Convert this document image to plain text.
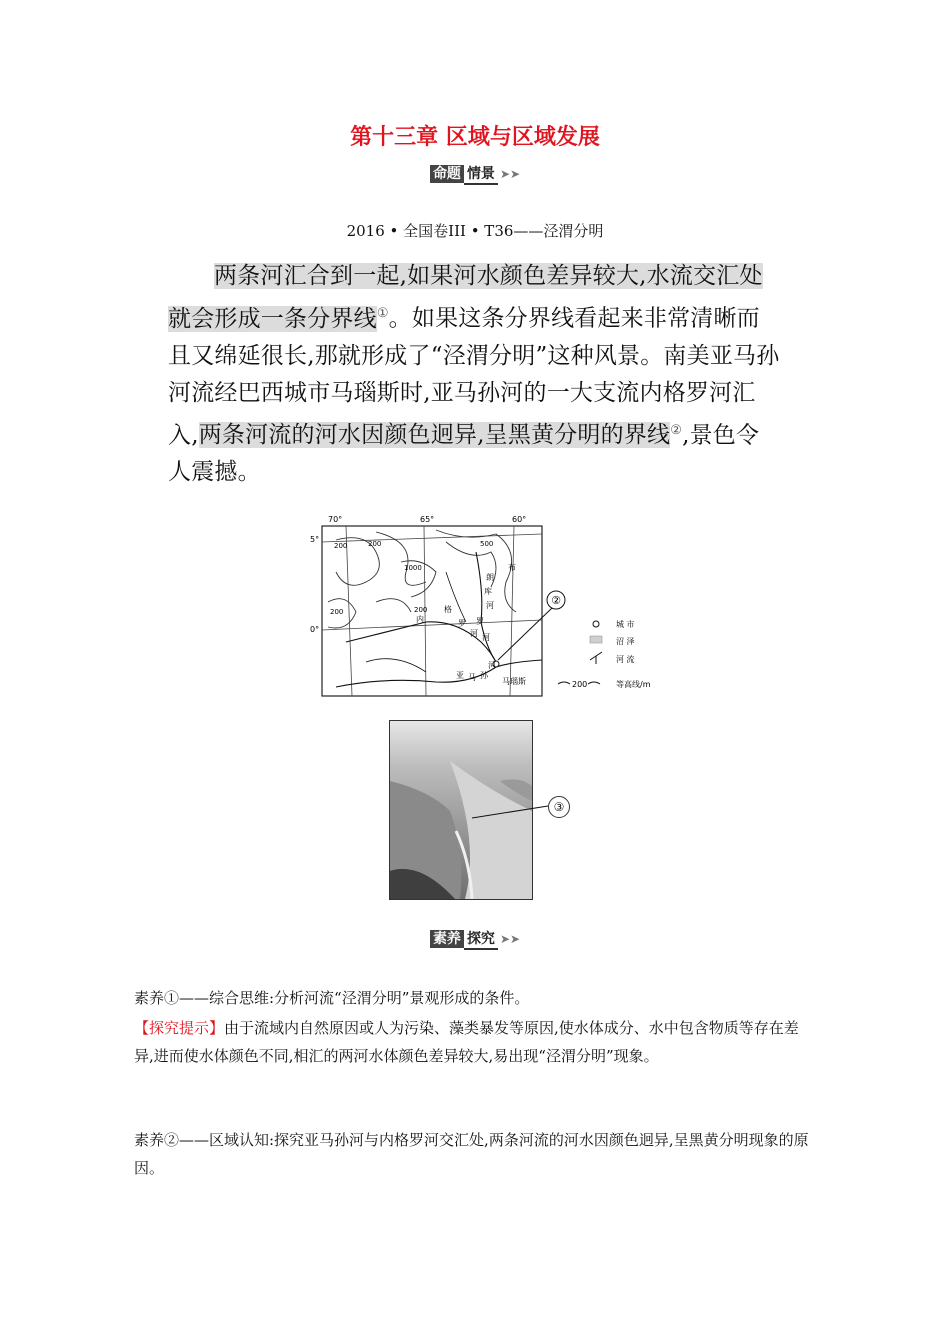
第十三章 区域与区域发展
命题 情景 ➤➤
2016 • 全国卷III • T36——泾渭分明
两条河汇合到一起,如果河水颜色差异较大,水流交汇处就会形成一条分界线①。如果这条分界线看起来非常清晰而且又绵延很长,那就形成了“泾渭分明”这种风景。南美亚马孙河流经巴西城市马瑙斯时,亚马孙河的一大支流内格罗河汇入,两条河流的河水因颜色迥异,呈黑黄分明的界线②,景色令人震撼。
②
70°	65°	60°
5°
0°
200	200	500
1000
200	200
布
朗
库
河
罗
河
内
格
罗
河
亚 马 孙
河
马瑙斯
城 市
沼 泽
河 流
200	等高线/m
③
素养 探究 ➤➤
素养①——综合思维:分析河流“泾渭分明”景观形成的条件。
【探究提示】由于流域内自然原因或人为污染、藻类暴发等原因,使水体成分、水中包含物质等存在差异,进而使水体颜色不同,相汇的两河水体颜色差异较大,易出现“泾渭分明”现象。
素养②——区域认知:探究亚马孙河与内格罗河交汇处,两条河流的河水因颜色迥异,呈黑黄分明现象的原因。
